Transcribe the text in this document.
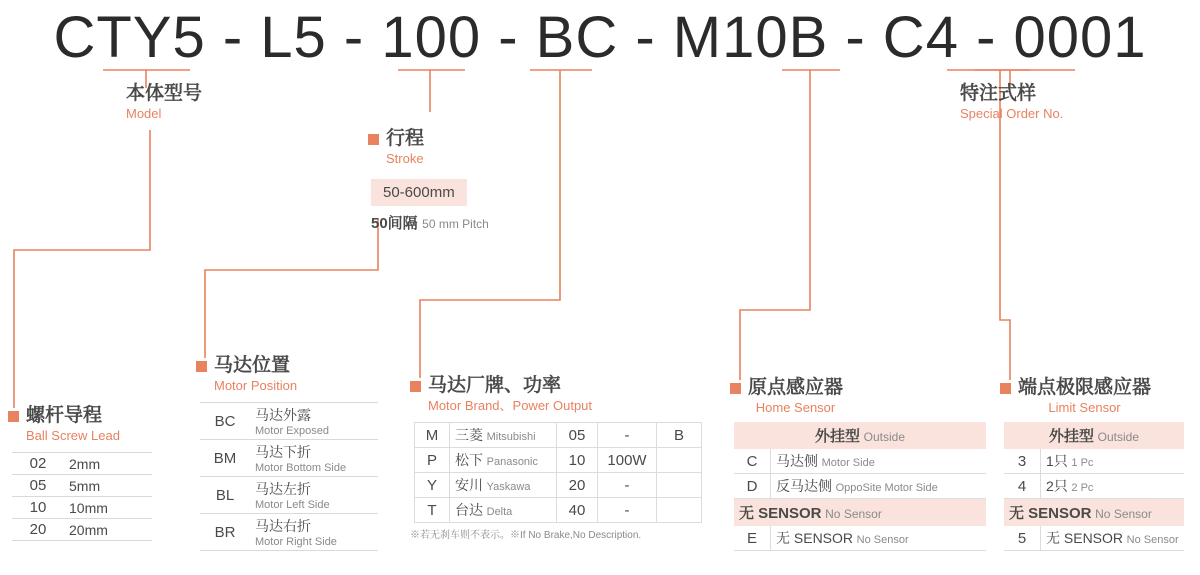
CTY5 - L5 - 100 - BC - M10B - C4 - 0001
本体型号
Model
特注式样
Special Order No.
行程
Stroke
50-600mm
50间隔 50 mm Pitch
螺杆导程
Ball Screw Lead
02	2mm
05	5mm
10	10mm
20	20mm
马达位置
Motor Position
BC	马达外露
Motor Exposed

BM	马达下折
Motor Bottom Side

BL	马达左折
Motor Left Side

BR	马达右折
Motor Right Side
马达厂牌、功率
Motor Brand、Power Output
M	三菱 Mitsubishi	05	-	B
P	松下 Panasonic	10	100W	
Y	安川 Yaskawa	20	-	
T	台达 Delta	40	-	
※若无刹车则不表示。※If No Brake,No Description.
原点感应器
Home Sensor
外挂型 Outside	
C	马达侧 Motor Side
D	反马达侧 OppoSite Motor Side
无 SENSOR No Sensor	
E	无 SENSOR No Sensor
端点极限感应器
Limit Sensor
外挂型 Outside	
3	1只 1 Pc
4	2只 2 Pc
无 SENSOR No Sensor	
5	无 SENSOR No Sensor
